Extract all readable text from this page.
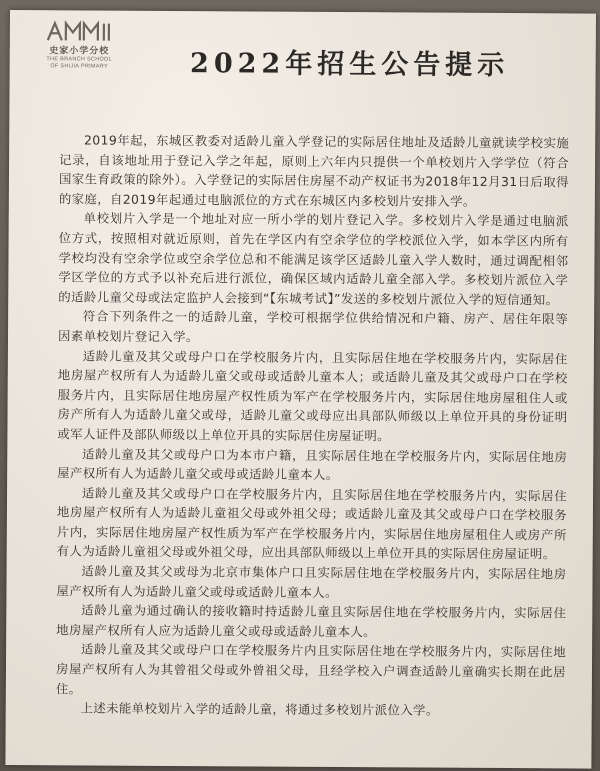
史家小学分校
THE BRANCH SCHOOL
OF SHIJIA PRIMARY	2022年招生公告提示

2019年起，东城区教委对适龄儿童入学登记的实际居住地址及适龄儿童就读学校实施记录，自该地址用于登记入学之年起，原则上六年内只提供一个单校划片入学学位（符合国家生育政策的除外）。入学登记的实际居住房屋不动产权证书为2018年12月31日后取得的家庭，自2019年起通过电脑派位的方式在东城区内多校划片安排入学。

单校划片入学是一个地址对应一所小学的划片登记入学。多校划片入学是通过电脑派位方式，按照相对就近原则，首先在学区内有空余学位的学校派位入学，如本学区内所有学校均没有空余学位或空余学位总和不能满足该学区适龄儿童入学人数时，通过调配相邻学区学位的方式予以补充后进行派位，确保区域内适龄儿童全部入学。多校划片派位入学的适龄儿童父母或法定监护人会接到“【东城考试】”发送的多校划片派位入学的短信通知。

符合下列条件之一的适龄儿童，学校可根据学位供给情况和户籍、房产、居住年限等因素单校划片登记入学。

适龄儿童及其父或母户口在学校服务片内，且实际居住地在学校服务片内，实际居住地房屋产权所有人为适龄儿童父或母或适龄儿童本人；或适龄儿童及其父或母户口在学校服务片内，且实际居住地房屋产权性质为军产在学校服务片内，实际居住地房屋租住人或房产所有人为适龄儿童父或母，适龄儿童父或母应出具部队师级以上单位开具的身份证明或军人证件及部队师级以上单位开具的实际居住房屋证明。

适龄儿童及其父或母户口为本市户籍，且实际居住地在学校服务片内，实际居住地房屋产权所有人为适龄儿童父或母或适龄儿童本人。

适龄儿童及其父或母户口在学校服务片内，且实际居住地在学校服务片内，实际居住地房屋产权所有人为适龄儿童祖父母或外祖父母；或适龄儿童及其父或母户口在学校服务片内，实际居住地房屋产权性质为军产在学校服务片内，实际居住地房屋租住人或房产所有人为适龄儿童祖父母或外祖父母，应出具部队师级以上单位开具的实际居住房屋证明。

适龄儿童及其父或母为北京市集体户口且实际居住地在学校服务片内，实际居住地房屋产权所有人为适龄儿童父或母或适龄儿童本人。

适龄儿童为通过确认的接收籍时持适龄儿童且实际居住地在学校服务片内，实际居住地房屋产权所有人应为适龄儿童父或母或适龄儿童本人。

适龄儿童及其父或母户口在学校服务片内且实际居住地在学校服务片内，实际居住地房屋产权所有人为其曾祖父母或外曾祖父母，且经学校入户调查适龄儿童确实长期在此居住。

上述未能单校划片入学的适龄儿童，将通过多校划片派位入学。
